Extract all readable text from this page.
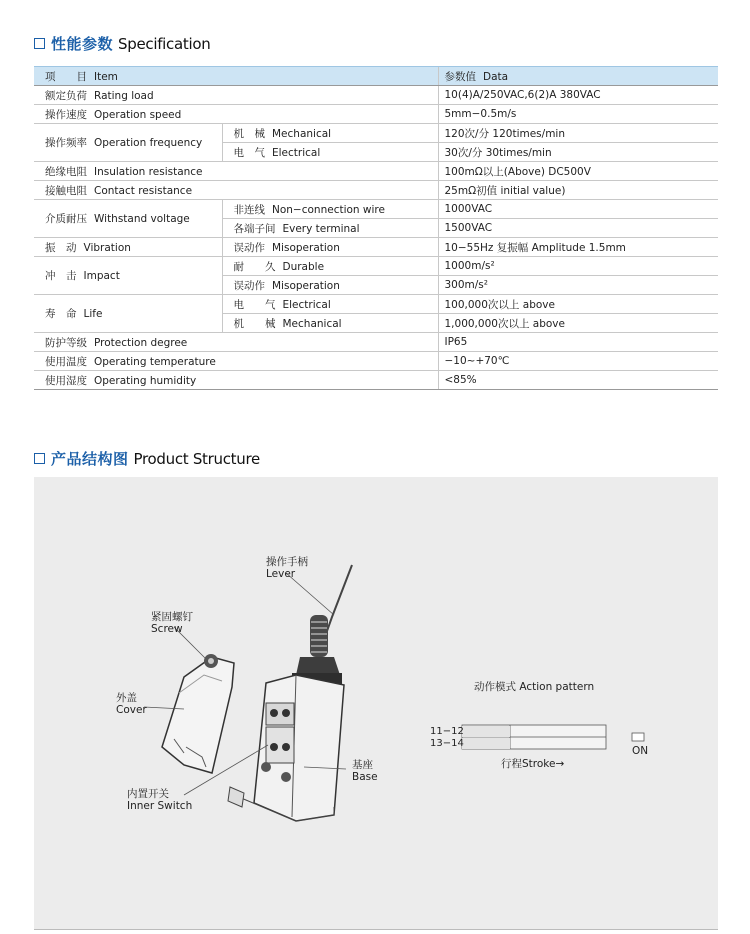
性能参数 Specification
项　　目 Item		参数值 Data
额定负荷 Rating load		10(4)A/250VAC,6(2)A 380VAC
操作速度 Operation speed		5mm−0.5m/s
操作频率 Operation frequency	机　械 Mechanical	120次/分 120times/min
	电　气 Electrical	30次/分 30times/min
绝缘电阻 Insulation resistance		100mΩ以上(Above) DC500V
接触电阻 Contact resistance		25mΩ初值 initial value)
介质耐压 Withstand voltage	非连线 Non−connection wire	1000VAC
	各端子间 Every terminal	1500VAC
振　动 Vibration	误动作 Misoperation	10−55Hz 复振幅 Amplitude 1.5mm
冲　击 Impact	耐　　久 Durable	1000m/s²
	误动作 Misoperation	300m/s²
寿　命 Life	电　　气 Electrical	100,000次以上 above
	机　　械 Mechanical	1,000,000次以上 above
防护等级 Protection degree		IP65
使用温度 Operating temperature		−10~+70℃
使用湿度 Operating humidity		<85%
产品结构图 Product Structure
操作手柄
Lever
紧固螺钉
Screw
外盖
Cover
基座
Base
内置开关
Inner Switch
动作模式 Action pattern
11−12
13−14
行程Stroke→
ON
